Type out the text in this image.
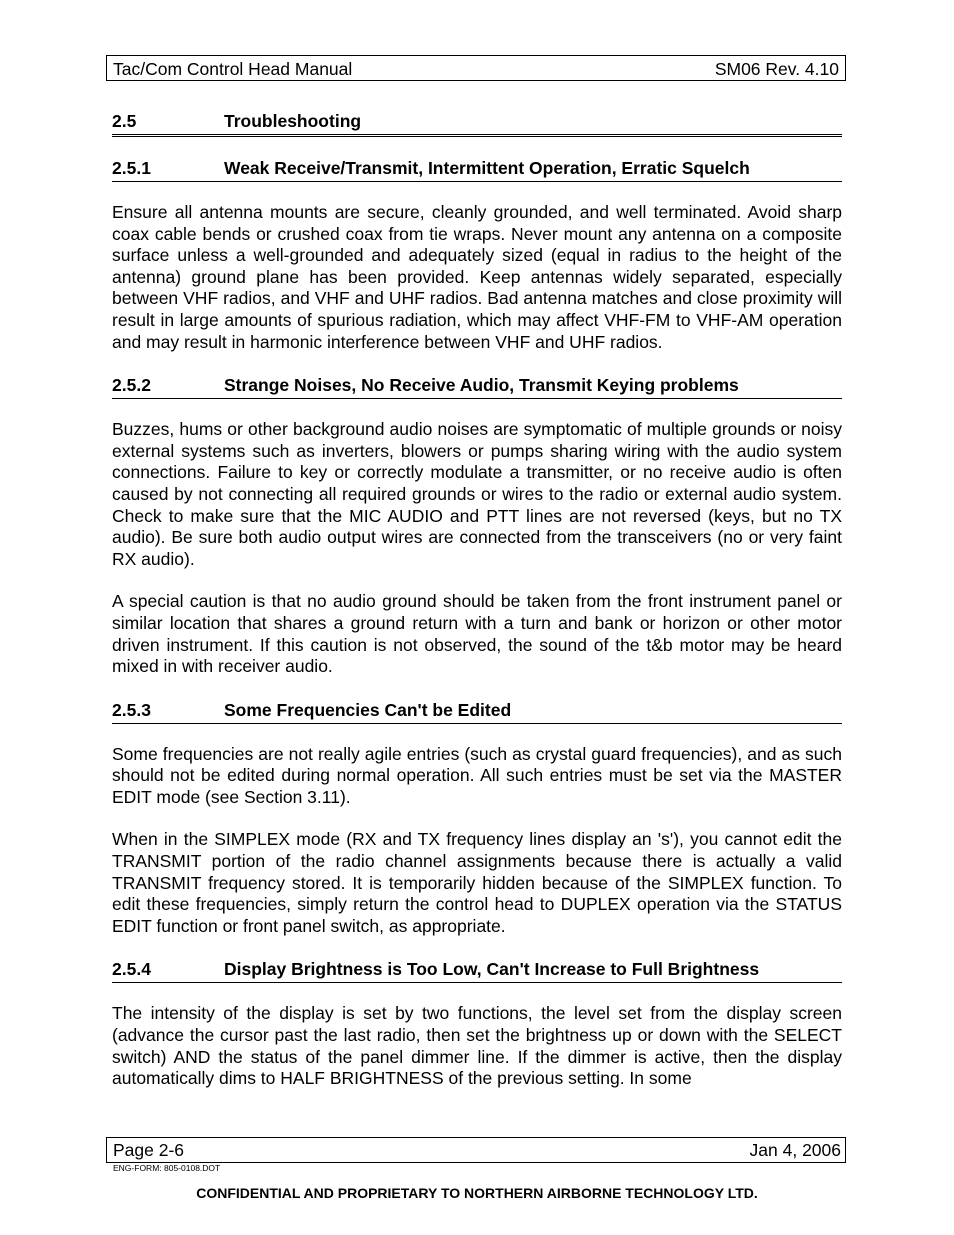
Tac/Com Control Head Manual	SM06 Rev. 4.10
2.5	Troubleshooting
2.5.1	Weak Receive/Transmit, Intermittent Operation, Erratic Squelch

Ensure all antenna mounts are secure, cleanly grounded, and well terminated. Avoid sharp coax cable bends or crushed coax from tie wraps. Never mount any antenna on a composite surface unless a well-grounded and adequately sized (equal in radius to the height of the antenna) ground plane has been provided. Keep antennas widely separated, especially between VHF radios, and VHF and UHF radios. Bad antenna matches and close proximity will result in large amounts of spurious radiation, which may affect VHF-FM to VHF-AM operation and may result in harmonic interference between VHF and UHF radios.

2.5.2	Strange Noises, No Receive Audio, Transmit Keying problems

Buzzes, hums or other background audio noises are symptomatic of multiple grounds or noisy external systems such as inverters, blowers or pumps sharing wiring with the audio system connections. Failure to key or correctly modulate a transmitter, or no receive audio is often caused by not connecting all required grounds or wires to the radio or external audio system. Check to make sure that the MIC AUDIO and PTT lines are not reversed (keys, but no TX audio). Be sure both audio output wires are connected from the transceivers (no or very faint RX audio).

A special caution is that no audio ground should be taken from the front instrument panel or similar location that shares a ground return with a turn and bank or horizon or other motor driven instrument. If this caution is not observed, the sound of the t&b motor may be heard mixed in with receiver audio.

2.5.3	Some Frequencies Can't be Edited

Some frequencies are not really agile entries (such as crystal guard frequencies), and as such should not be edited during normal operation. All such entries must be set via the MASTER EDIT mode (see Section 3.11).

When in the SIMPLEX mode (RX and TX frequency lines display an 's'), you cannot edit the TRANSMIT portion of the radio channel assignments because there is actually a valid TRANSMIT frequency stored. It is temporarily hidden because of the SIMPLEX function. To edit these frequencies, simply return the control head to DUPLEX operation via the STATUS EDIT function or front panel switch, as appropriate.

2.5.4	Display Brightness is Too Low, Can't Increase to Full Brightness

The intensity of the display is set by two functions, the level set from the display screen (advance the cursor past the last radio, then set the brightness up or down with the SELECT switch) AND the status of the panel dimmer line. If the dimmer is active, then the display automatically dims to HALF BRIGHTNESS of the previous setting. In some

Page 2-6	Jan 4, 2006
ENG-FORM: 805-0108.DOT
CONFIDENTIAL AND PROPRIETARY TO NORTHERN AIRBORNE TECHNOLOGY LTD.
